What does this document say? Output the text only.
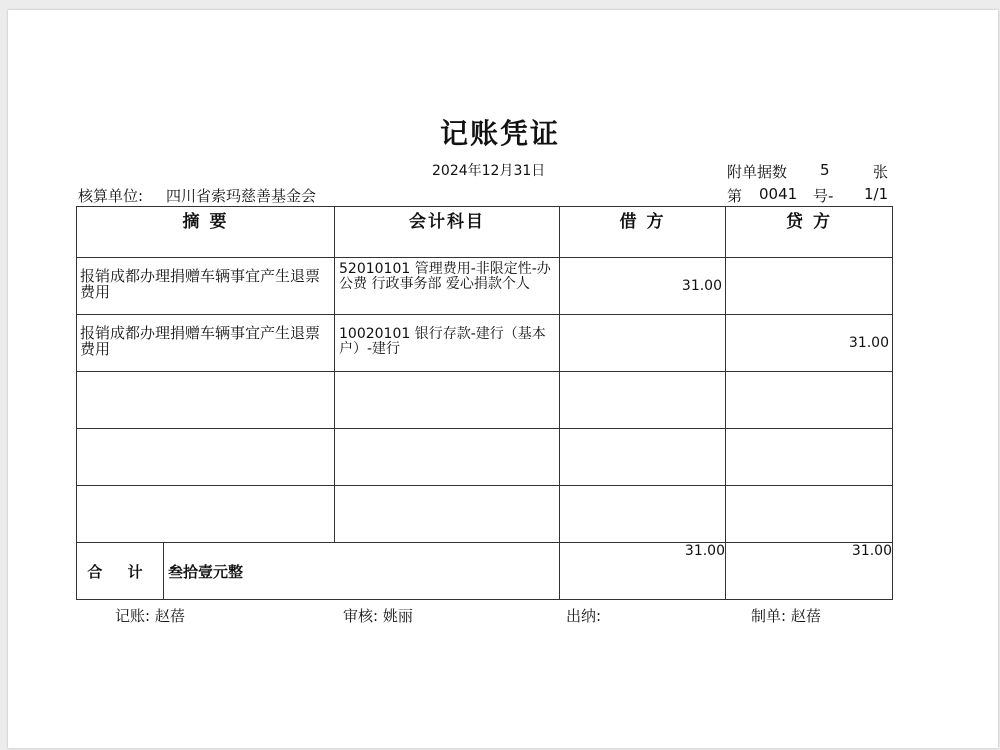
记账凭证
2024年12月31日	附单据数 5	张
核算单位: 四川省索玛慈善基金会	第 0041 号- 1/1
摘 要	会计科目	借 方	贷 方

报销成都办理捐赠车辆事宜产生退票费用	52010101 管理费用-非限定性-办公费 行政事务部 爱心捐款个人	31.00	

报销成都办理捐赠车辆事宜产生退票费用	10020101 银行存款-建行（基本户）-建行		31.00

合 计 叁拾壹元整		31.00	31.00
记账: 赵蓓	审核: 姚丽	出纳:	制单: 赵蓓
